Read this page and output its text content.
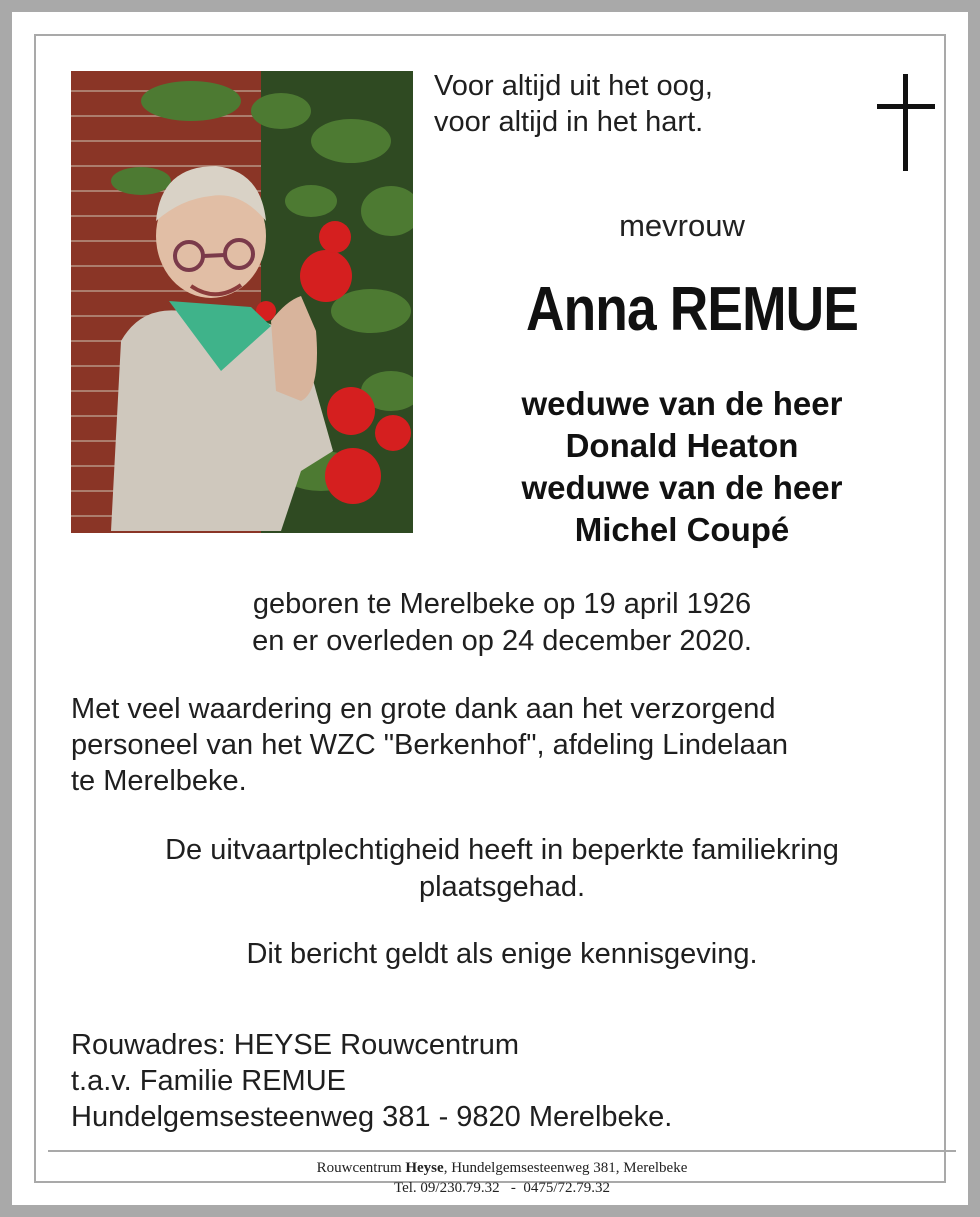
Voor altijd uit het oog,
voor altijd in het hart.
mevrouw
Anna REMUE
weduwe van de heer
Donald Heaton
weduwe van de heer
Michel Coupé
geboren te Merelbeke op 19 april 1926
en er overleden op 24 december 2020.
Met veel waardering en grote dank aan het verzorgend
personeel van het WZC "Berkenhof", afdeling Lindelaan
te Merelbeke.
De uitvaartplechtigheid heeft in beperkte familiekring
plaatsgehad.
Dit bericht geldt als enige kennisgeving.
Rouwadres: HEYSE Rouwcentrum
t.a.v. Familie REMUE
Hundelgemsesteenweg 381 - 9820 Merelbeke.
Rouwcentrum Heyse, Hundelgemsesteenweg 381, Merelbeke
Tel. 09/230.79.32   -  0475/72.79.32
